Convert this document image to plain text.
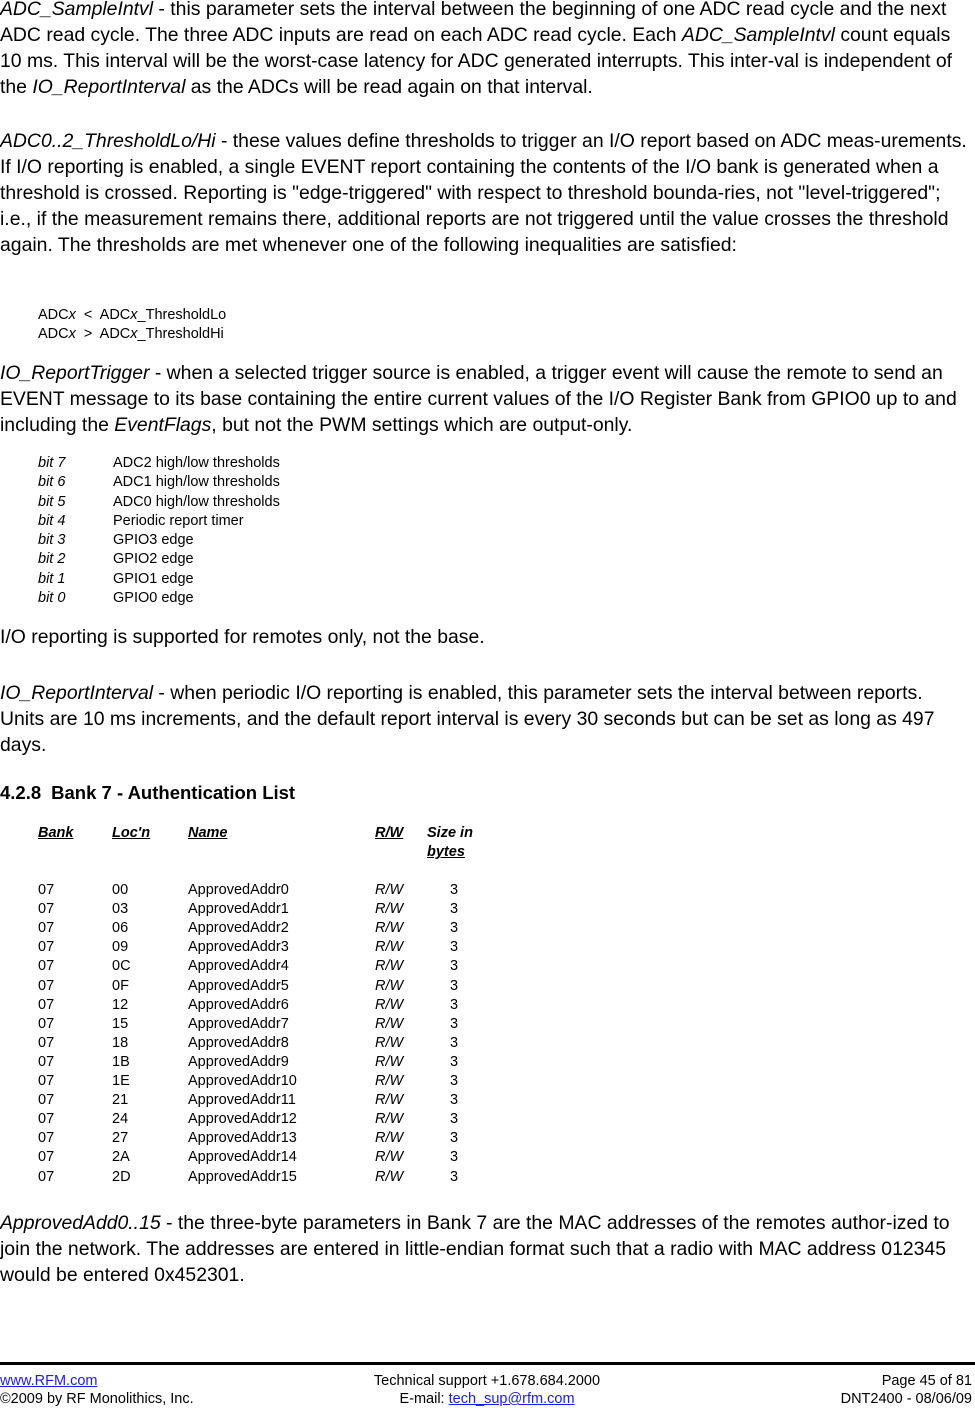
ADC_SampleIntvl - this parameter sets the interval between the beginning of one ADC read cycle and the next ADC read cycle. The three ADC inputs are read on each ADC read cycle. Each ADC_SampleIntvl count equals 10 ms. This interval will be the worst-case latency for ADC generated interrupts. This inter-val is independent of the IO_ReportInterval as the ADCs will be read again on that interval.

ADC0..2_ThresholdLo/Hi - these values define thresholds to trigger an I/O report based on ADC meas-urements. If I/O reporting is enabled, a single EVENT report containing the contents of the I/O bank is generated when a threshold is crossed. Reporting is "edge-triggered" with respect to threshold bounda-ries, not "level-triggered"; i.e., if the measurement remains there, additional reports are not triggered until the value crosses the threshold again. The thresholds are met whenever one of the following inequalities are satisfied:

ADCx  <  ADCx_ThresholdLo
ADCx  >  ADCx_ThresholdHi

IO_ReportTrigger - when a selected trigger source is enabled, a trigger event will cause the remote to send an EVENT message to its base containing the entire current values of the I/O Register Bank from GPIO0 up to and including the EventFlags, but not the PWM settings which are output-only.

bit 7	ADC2 high/low thresholds
bit 6	ADC1 high/low thresholds
bit 5	ADC0 high/low thresholds
bit 4	Periodic report timer
bit 3	GPIO3 edge
bit 2	GPIO2 edge
bit 1	GPIO1 edge
bit 0	GPIO0 edge

I/O reporting is supported for remotes only, not the base.

IO_ReportInterval - when periodic I/O reporting is enabled, this parameter sets the interval between reports. Units are 10 ms increments, and the default report interval is every 30 seconds but can be set as long as 497 days.

4.2.8 Bank 7 - Authentication List
Bank	Loc'n	Name	R/W	Size in
bytes

07	00	ApprovedAddr0	R/W	3
07	03	ApprovedAddr1	R/W	3
07	06	ApprovedAddr2	R/W	3
07	09	ApprovedAddr3	R/W	3
07	0C	ApprovedAddr4	R/W	3
07	0F	ApprovedAddr5	R/W	3
07	12	ApprovedAddr6	R/W	3
07	15	ApprovedAddr7	R/W	3
07	18	ApprovedAddr8	R/W	3
07	1B	ApprovedAddr9	R/W	3
07	1E	ApprovedAddr10	R/W	3
07	21	ApprovedAddr11	R/W	3
07	24	ApprovedAddr12	R/W	3
07	27	ApprovedAddr13	R/W	3
07	2A	ApprovedAddr14	R/W	3
07	2D	ApprovedAddr15	R/W	3

ApprovedAdd0..15 - the three-byte parameters in Bank 7 are the MAC addresses of the remotes author-ized to join the network. The addresses are entered in little-endian format such that a radio with MAC address 012345 would be entered 0x452301.

www.RFM.com
©2009 by RF Monolithics, Inc.
Technical support +1.678.684.2000
E-mail: tech_sup@rfm.com
Page 45 of 81
DNT2400 - 08/06/09
